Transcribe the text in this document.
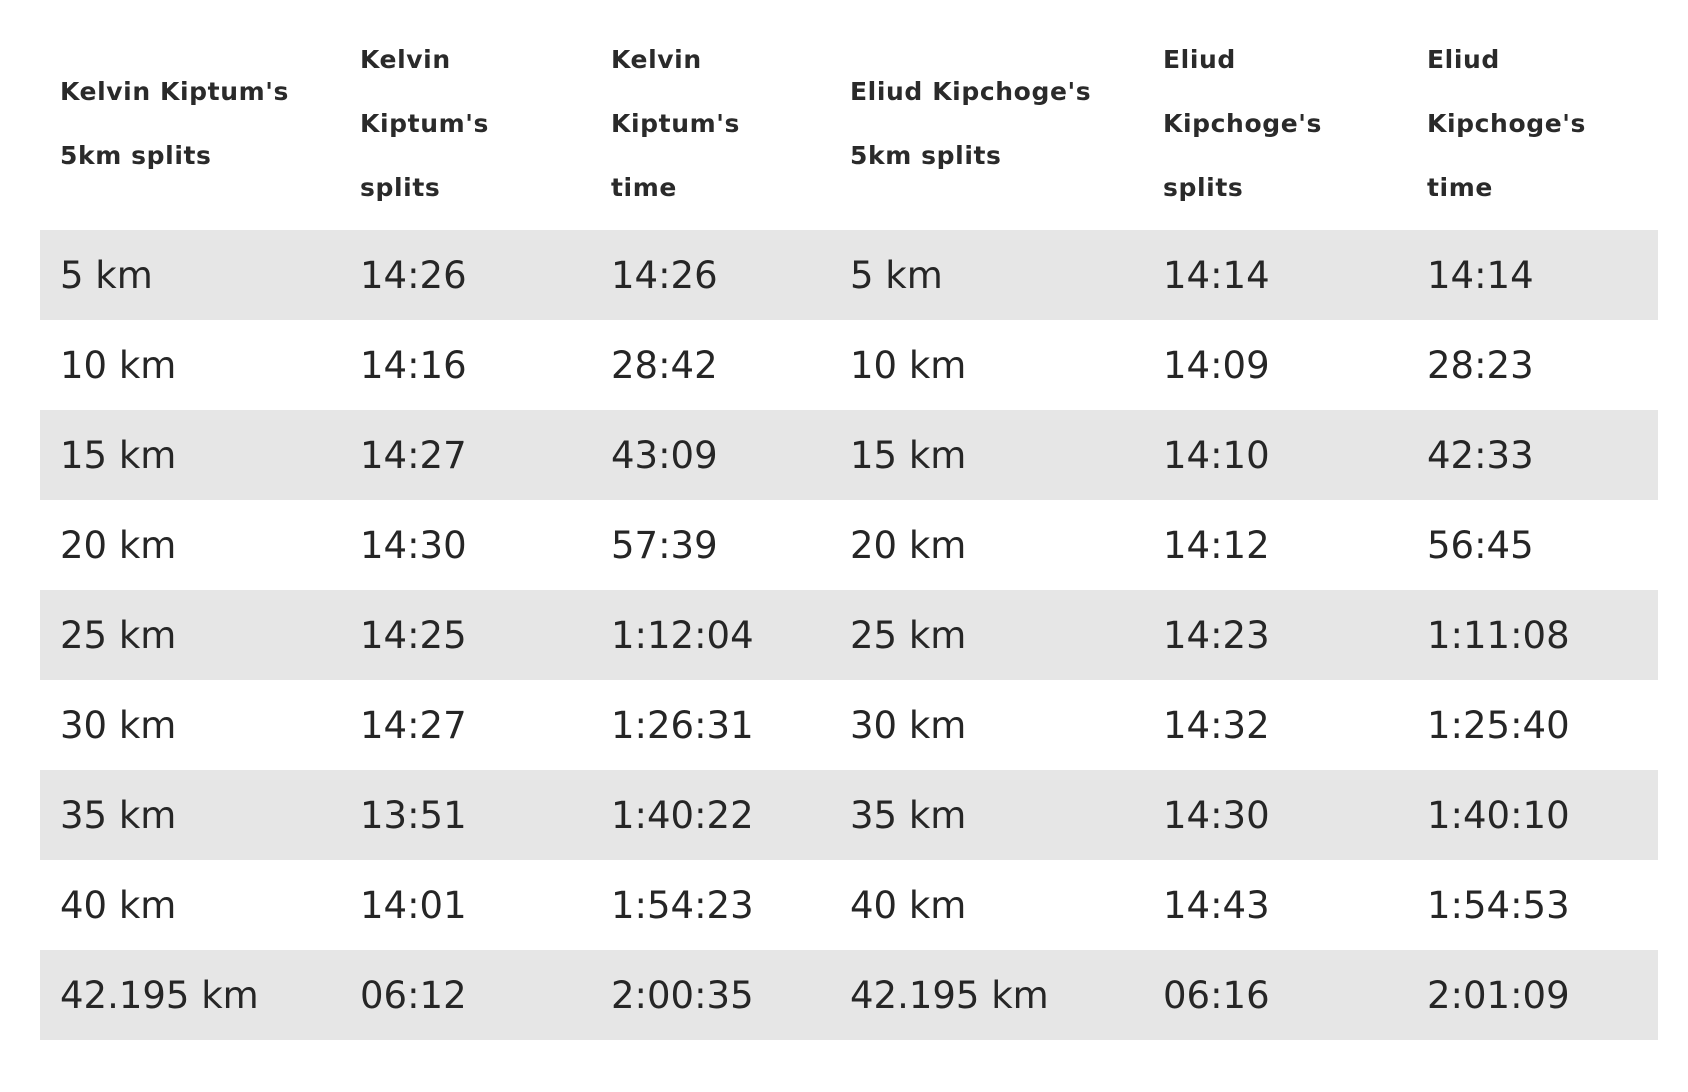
Kelvin Kiptum's 5km splits	Kelvin Kiptum's splits	Kelvin Kiptum's time	Eliud Kipchoge's 5km splits	Eliud Kipchoge's splits	Eliud Kipchoge's time
5 km	14:26	14:26	5 km	14:14	14:14
10 km	14:16	28:42	10 km	14:09	28:23
15 km	14:27	43:09	15 km	14:10	42:33
20 km	14:30	57:39	20 km	14:12	56:45
25 km	14:25	1:12:04	25 km	14:23	1:11:08
30 km	14:27	1:26:31	30 km	14:32	1:25:40
35 km	13:51	1:40:22	35 km	14:30	1:40:10
40 km	14:01	1:54:23	40 km	14:43	1:54:53
42.195 km	06:12	2:00:35	42.195 km	06:16	2:01:09
